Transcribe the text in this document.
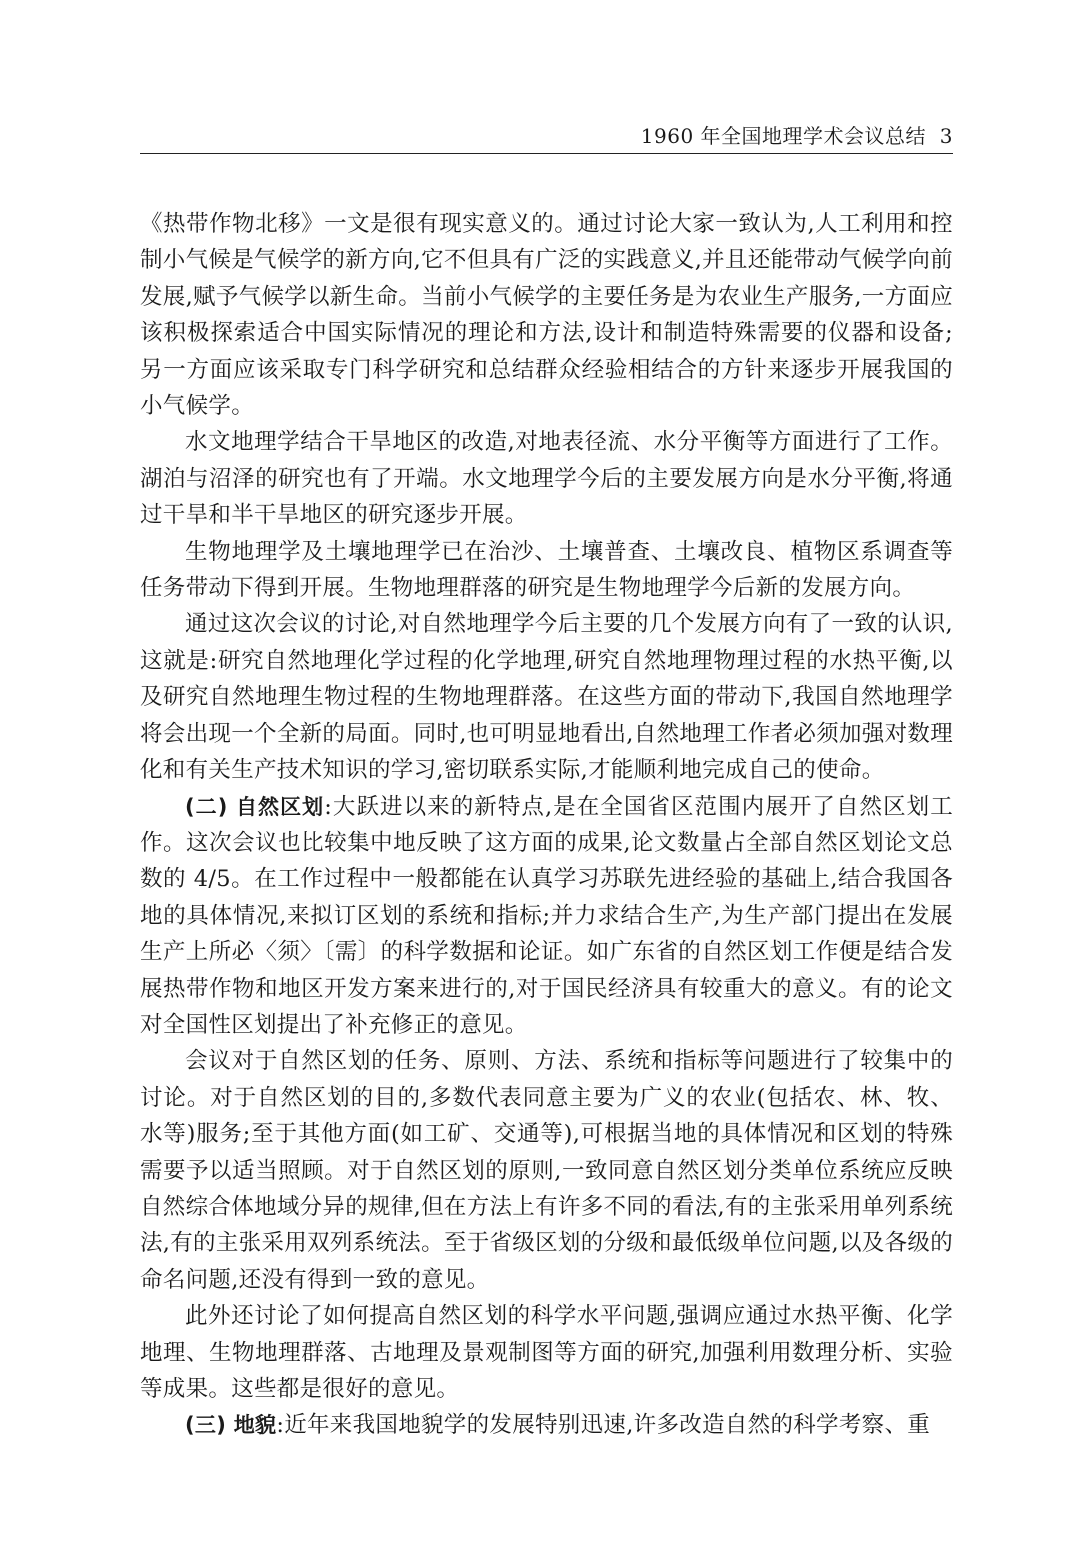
1960 年全国地理学术会议总结 3

《热带作物北移》一文是很有现实意义的。通过讨论大家一致认为,人工利用和控制小气候是气候学的新方向,它不但具有广泛的实践意义,并且还能带动气候学向前发展,赋予气候学以新生命。当前小气候学的主要任务是为农业生产服务,一方面应该积极探索适合中国实际情况的理论和方法,设计和制造特殊需要的仪器和设备;另一方面应该采取专门科学研究和总结群众经验相结合的方针来逐步开展我国的小气候学。

水文地理学结合干旱地区的改造,对地表径流、水分平衡等方面进行了工作。湖泊与沼泽的研究也有了开端。水文地理学今后的主要发展方向是水分平衡,将通过干旱和半干旱地区的研究逐步开展。

生物地理学及土壤地理学已在治沙、土壤普查、土壤改良、植物区系调查等任务带动下得到开展。生物地理群落的研究是生物地理学今后新的发展方向。

通过这次会议的讨论,对自然地理学今后主要的几个发展方向有了一致的认识,这就是:研究自然地理化学过程的化学地理,研究自然地理物理过程的水热平衡,以及研究自然地理生物过程的生物地理群落。在这些方面的带动下,我国自然地理学将会出现一个全新的局面。同时,也可明显地看出,自然地理工作者必须加强对数理化和有关生产技术知识的学习,密切联系实际,才能顺利地完成自己的使命。

(二) 自然区划:大跃进以来的新特点,是在全国省区范围内展开了自然区划工作。这次会议也比较集中地反映了这方面的成果,论文数量占全部自然区划论文总数的 4/5。在工作过程中一般都能在认真学习苏联先进经验的基础上,结合我国各地的具体情况,来拟订区划的系统和指标;并力求结合生产,为生产部门提出在发展生产上所必〈须〉〔需〕的科学数据和论证。如广东省的自然区划工作便是结合发展热带作物和地区开发方案来进行的,对于国民经济具有较重大的意义。有的论文对全国性区划提出了补充修正的意见。

会议对于自然区划的任务、原则、方法、系统和指标等问题进行了较集中的讨论。对于自然区划的目的,多数代表同意主要为广义的农业(包括农、林、牧、水等)服务;至于其他方面(如工矿、交通等),可根据当地的具体情况和区划的特殊需要予以适当照顾。对于自然区划的原则,一致同意自然区划分类单位系统应反映自然综合体地域分异的规律,但在方法上有许多不同的看法,有的主张采用单列系统法,有的主张采用双列系统法。至于省级区划的分级和最低级单位问题,以及各级的命名问题,还没有得到一致的意见。

此外还讨论了如何提高自然区划的科学水平问题,强调应通过水热平衡、化学地理、生物地理群落、古地理及景观制图等方面的研究,加强利用数理分析、实验等成果。这些都是很好的意见。

(三) 地貌:近年来我国地貌学的发展特别迅速,许多改造自然的科学考察、重
